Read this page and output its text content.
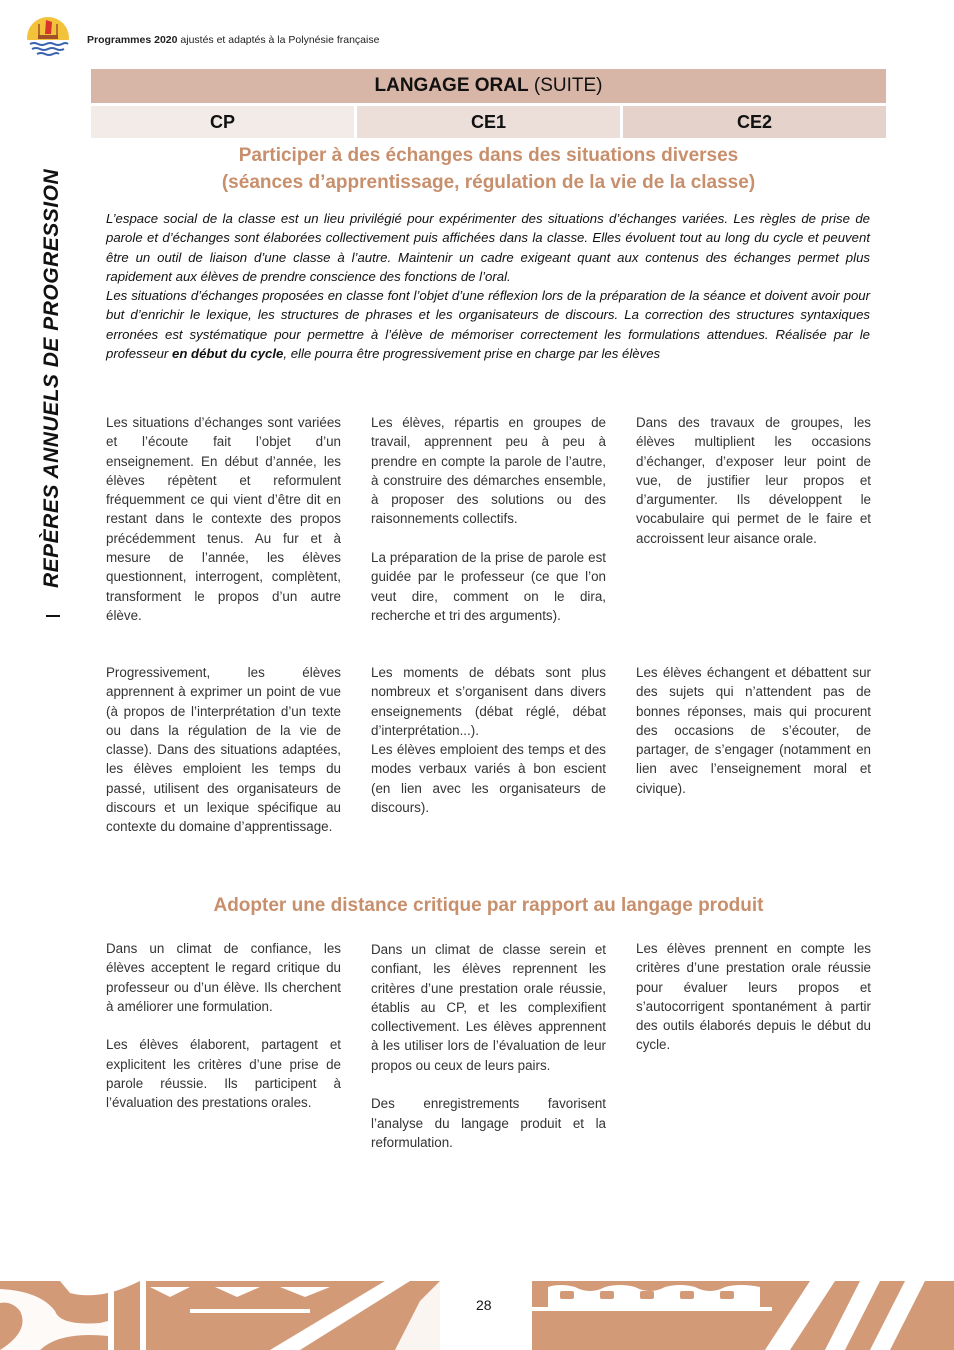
Programmes 2020 ajustés et adaptés à la Polynésie française
REPÈRES ANNUELS DE PROGRESSION
LANGAGE ORAL (SUITE)
CP	CE1	CE2
Participer à des échanges dans des situations diverses
(séances d’apprentissage, régulation de la vie de la classe)

L’espace social de la classe est un lieu privilégié pour expérimenter des situations d’échanges variées. Les règles de prise de parole et d’échanges sont élaborées collectivement puis affichées dans la classe. Elles évoluent tout au long du cycle et peuvent être un outil de liaison d’une classe à l’autre. Maintenir un cadre exigeant quant aux contenus des échanges permet plus rapidement aux élèves de prendre conscience des fonctions de l’oral.

Les situations d’échanges proposées en classe font l’objet d’une réflexion lors de la préparation de la séance et doivent avoir pour but d’enrichir le lexique, les structures de phrases et les organisateurs de discours. La correction des structures syntaxiques erronées est systématique pour permettre à l’élève de mémoriser correctement les formulations attendues. Réalisée par le professeur en début du cycle, elle pourra être progressivement prise en charge par les élèves

Les situations d’échanges sont variées et l’écoute fait l’objet d’un enseignement. En début d’année, les élèves répètent et reformulent fréquemment ce qui vient d’être dit en restant dans le contexte des propos précédemment tenus. Au fur et à mesure de l’année, les élèves questionnent, interrogent, complètent, transforment le propos d’un autre élève.

Les élèves, répartis en groupes de travail, apprennent peu à peu à prendre en compte la parole de l’autre, à construire des démarches ensemble, à proposer des solutions ou des raisonnements collectifs.

La préparation de la prise de parole est guidée par le professeur (ce que l’on veut dire, comment on le dira, recherche et tri des arguments).

Dans des travaux de groupes, les élèves multiplient les occasions d’échanger, d’exposer leur point de vue, de justifier leur propos et d’argumenter. Ils développent le vocabulaire qui permet de le faire et accroissent leur aisance orale.

Progressivement, les élèves apprennent à exprimer un point de vue (à propos de l’interprétation d’un texte ou dans la régulation de la vie de classe). Dans des situations adaptées, les élèves emploient les temps du passé, utilisent des organisateurs de discours et un lexique spécifique au contexte du domaine d’apprentissage.

Les moments de débats sont plus nombreux et s’organisent dans divers enseignements (débat réglé, débat d’interprétation...).

Les élèves emploient des temps et des modes verbaux variés à bon escient (en lien avec les organisateurs de discours).

Les élèves échangent et débattent sur des sujets qui n’attendent pas de bonnes réponses, mais qui procurent des occasions de s’écouter, de partager, de s’engager (notamment en lien avec l’enseignement moral et civique).

Adopter une distance critique par rapport au langage produit

Dans un climat de confiance, les élèves acceptent le regard critique du professeur ou d’un élève. Ils cherchent à améliorer une formulation.

Les élèves élaborent, partagent et explicitent les critères d’une prise de parole réussie. Ils participent à l’évaluation des prestations orales.

Dans un climat de classe serein et confiant, les élèves reprennent les critères d’une prestation orale réussie, établis au CP, et les complexifient collectivement. Les élèves apprennent à les utiliser lors de l’évaluation de leur propos ou ceux de leurs pairs.

Des enregistrements favorisent l’analyse du langage produit et la reformulation.

Les élèves prennent en compte les critères d’une prestation orale réussie pour évaluer leurs propos et s’autocorrigent spontanément à partir des outils élaborés depuis le début du cycle.

28
